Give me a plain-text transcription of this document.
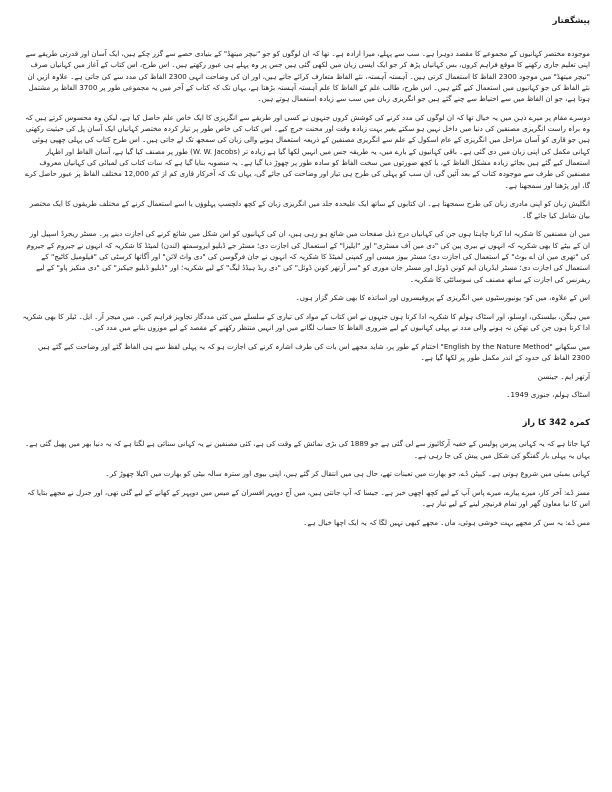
پیشگفتار

موجودہ مختصر کہانیوں کے مجموعے کا مقصد دوہرا ہے۔ سب سے پہلے، میرا ارادہ ہے۔ تھا کہ ان لوگوں کو جو "نیچر میتھڈ" کے بنیادی حصے سے گزر چکے ہیں، ایک آسان اور قدرتی طریقے سے اپنی تعلیم جاری رکھنے کا موقع فراہم کروں، بس کہانیاں پڑھ کر جو ایک ایسی زبان میں لکھی گئی ہیں جس پر وہ پہلے ہی عبور رکھتے ہیں۔ اس طرح، اس کتاب کے آغاز میں کہانیاں صرف "نیچر میتھڈ" میں موجود 2300 الفاظ کا استعمال کرتی ہیں۔ آہستہ آہستہ، نئے الفاظ متعارف کرائے جاتے ہیں، اور ان کی وضاحت انہی 2300 الفاظ کی مدد سے کی جاتی ہے۔ علاوہ ازیں ان نئے الفاظ کی جو کہانیوں میں استعمال کیے گئے ہیں۔ اس طرح، طالب علم کے الفاظ کا علم آہستہ آہستہ بڑھتا ہے، یہاں تک کہ کتاب کے آخر میں یہ مجموعی طور پر 3700 الفاظ پر مشتمل ہوتا ہے، جو ان الفاظ میں سے احتیاط سے چنے گئے ہیں جو انگریزی زبان میں سب سے زیادہ استعمال ہوتے ہیں۔

دوسرے مقام پر میرے ذہن میں یہ خیال تھا کہ ان لوگوں کی مدد کرنے کی کوشش کروں جنہوں نے کسی اور طریقے سے انگریزی کا ایک خاص علم حاصل کیا ہے، لیکن وہ محسوس کرتے ہیں کہ وہ براہ راست انگریزی مصنفین کی دنیا میں داخل نہیں ہو سکتے بغیر بہت زیادہ وقت اور محنت خرچ کیے۔ اس کتاب کی خاص طور پر تیار کردہ مختصر کہانیاں ایک آسان پل کی حیثیت رکھتی ہیں جو قاری کو آسان مراحل میں انگریزی کے عام اسکول کے علم سے انگریزی مصنفین کے ذریعہ استعمال ہونے والی زبان کی سمجھ تک لے جاتی ہیں۔ اس طرح کتاب کی پہلی چھپی ہوئی کہانی مکمل کی اپنی زبان میں دی گئی ہے۔ باقی کہانیوں کے بارے میں، یہ طریقہ جس میں انہیں لکھا گیا ہے زیادہ تر (W. W. Jacobs) طور پر مصنف کیا گیا ہے، آسان الفاظ اور اظہار استعمال کیے گئے ہیں بجائے زیادہ مشکل الفاظ کے، یا کچھ صورتوں میں سخت الفاظ کو سادہ طور پر چھوڑ دیا گیا ہے۔ یہ منصوبہ بنایا گیا ہے کہ سات کتاب کی لمبائی کی کہانیاں معروف مصنفین کی طرف سے موجودہ کتاب کے بعد آئیں گی، ان سب کو پہلی کی طرح ہی تیار اور وضاحت کی جائے گی، یہاں تک کہ آخرکار قاری کم از کم 12,000 مختلف الفاظ پر عبور حاصل کرے گا، اور پڑھنا اور سمجھنا ہے۔

انگلیش زبان کو اپنی مادری زبان کی طرح سمجھتا ہے۔ ان کتابوں کے ساتھ ایک علیحدہ جلد میں انگریزی زبان کے کچھ دلچسپ پہلوؤں یا اسے استعمال کرنے کے مختلف طریقوں کا ایک مختصر بیان شامل کیا جائے گا۔

میں ان مصنفین کا شکریہ ادا کرنا چاہتا ہوں جن کی کہانیاں درج ذیل صفحات میں شائع ہو رہی ہیں، ان کی کہانیوں کو اس شکل میں شائع کرنے کی اجازت دینے پر۔ مسٹر ریجرڈ اسپیل اور ان کے بیٹے کا بھی شکریہ کہ انہوں نے بیری پین کی "دی مین آف مسٹری" اور "ایلیزا" کے استعمال کی اجازت دی؛ مسٹر جے ڈبلیو ایروسمتھ (لندن) لمیٹڈ کا شکریہ کہ انہوں نے جیروم کے جیروم کی "تھری مین ان اے بوٹ" کے استعمال کی اجازت دی؛ مسٹر بیوز میسی اور کمپنی لمیٹڈ کا شکریہ کہ انہوں نے جان فرگوسن کی "دی واٹ لائن" اور آگاتھا کرسٹی کی "فیلومیل کاٹیج" کے استعمال کی اجازت دی؛ مسٹر ایڈریان ایم کونن ڈوئل اور مسٹر جان موری کو "سر آرتھر کونن ڈوئل" کی "دی ریڈ ہیڈڈ لیگ" کے لیے شکریہ؛ اور "ڈبلیو ڈبلیو جیکبز" کی "دی منکیز پاو" کے لیے ریفرنس کی اجازت کے ساتھ مصنف کی سوسائٹی کا شکریہ۔

اس کے علاوہ، میں کو- یونیورسٹیوں میں انگریزی کے پروفیسروں اور اساتذہ کا بھی شکر گزار ہوں۔

میں ہیگن، بیلسنکی، اوسلو، اور اسٹاک ہولم کا شکریہ ادا کرتا ہوں جنہوں نے اس کتاب کے مواد کی تیاری کے سلسلے میں کئی مددگار تجاویز فراہم کیں۔ میں میجر آر۔ ایل۔ ٹیلر کا بھی شکریہ ادا کرتا ہوں جن کی تھکن نہ ہونے والی مدد نے پہلی کہانیوں کے لیے ضروری الفاظ کا حساب لگانے میں اور انہیں منتظر رکھنے کے مقصد کے لیے موزوں بنانے میں مدد کی۔

میں سکھانے "English by the Nature Method" اختتام کے طور پر، شاید مجھے اس بات کی طرف اشارہ کرنے کی اجازت ہو کہ یہ پہلی لفظ سے ہی الفاظ گئے اور وضاحت کیے گئے ہیں 2300 الفاظ کی حدود کے اندر مکمل طور پر لکھا گیا ہے۔

آرتھر ایم۔ جینسن

اسٹاک ہولم، جنوری 1949۔

کمرہ 342 کا راز

کہا جاتا ہے کہ یہ کہانی پیرس پولیس کے خفیہ آرکائیوز سے لی گئی ہے جو 1889 کی بڑی نمائش کے وقت کی ہے، کئی مصنفین نے یہ کہانی سنائی ہے لگتا ہے کہ یہ دنیا بھر میں پھیل گئی ہے۔ یہاں یہ پہلی بار گفتگو کی شکل میں پیش کی جا رہی ہے۔

کہانی بمبئی میں شروع ہوتی ہے۔ کیپٹن ڈے، جو بھارت میں تعینات تھے، حال ہی میں انتقال کر گئے ہیں، اپنی بیوی اور سترہ سالہ بیٹی کو بھارت میں اکیلا چھوڑ کر۔

مسز ڈے: آخر کار، میرے پیارے، میرے پاس آپ کے لیے کچھ اچھی خبر ہے۔ جیسا کہ آپ جانتی ہیں، میں آج دوپہر افسران کے میس میں دوپہر کے کھانے کے لیے گئی تھی، اور جنرل نے مجھے بتایا کہ اس کا نیا معاون گھر اور تمام فرنیچر لینے کے لیے تیار ہے۔

مس ڈے: یہ سن کر مجھے بہت خوشی ہوئی، ماں۔ مجھے کبھی نہیں لگا کہ یہ ایک اچھا خیال ہے۔
